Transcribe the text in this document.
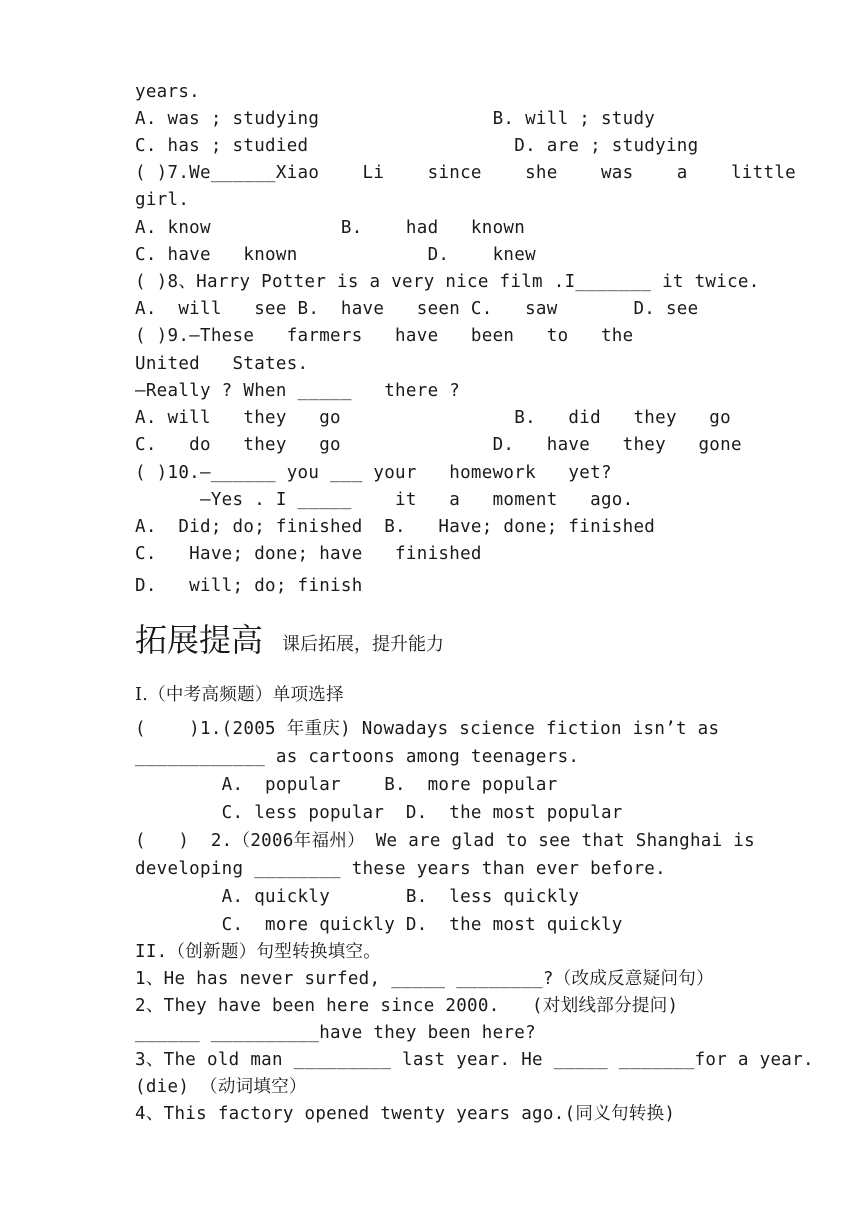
years.
A. was ; studying                B. will ; study
C. has ; studied                   D. are ; studying
( )7.We______Xiao    Li    since    she    was    a    little
girl.
A. know            B.    had   known
C. have   known            D.    knew
( )8、Harry Potter is a very nice film .I_______ it twice.
A.  will   see B.  have   seen C.   saw       D. see
( )9.—These   farmers   have   been   to   the
United   States.
—Really ? When _____   there ?
A. will   they   go                B.   did   they   go
C.   do   they   go              D.   have   they   gone
( )10.—______ you ___ your   homework   yet?
—Yes . I _____    it   a   moment   ago.
A.  Did; do; finished  B.   Have; done; finished
C.   Have; done; have   finished
D.   will; do; finish
拓展提高 课后拓展，提升能力
Ⅰ.（中考高频题）单项选择
(    )1.(2005 年重庆) Nowadays science fiction isn’t as
____________ as cartoons among teenagers.
A.  popular    B.  more popular
C. less popular  D.  the most popular
(   )  2.（2006年福州） We are glad to see that Shanghai is
developing ________ these years than ever before.
A. quickly       B.  less quickly
C.  more quickly D.  the most quickly
II.（创新题）句型转换填空。
1、He has never surfed, _____ ________?（改成反意疑问句）
2、They have been here since 2000.   (对划线部分提问)
______ __________have they been here?
3、The old man _________ last year. He _____ _______for a year.
(die) （动词填空）
4、This factory opened twenty years ago.(同义句转换)
